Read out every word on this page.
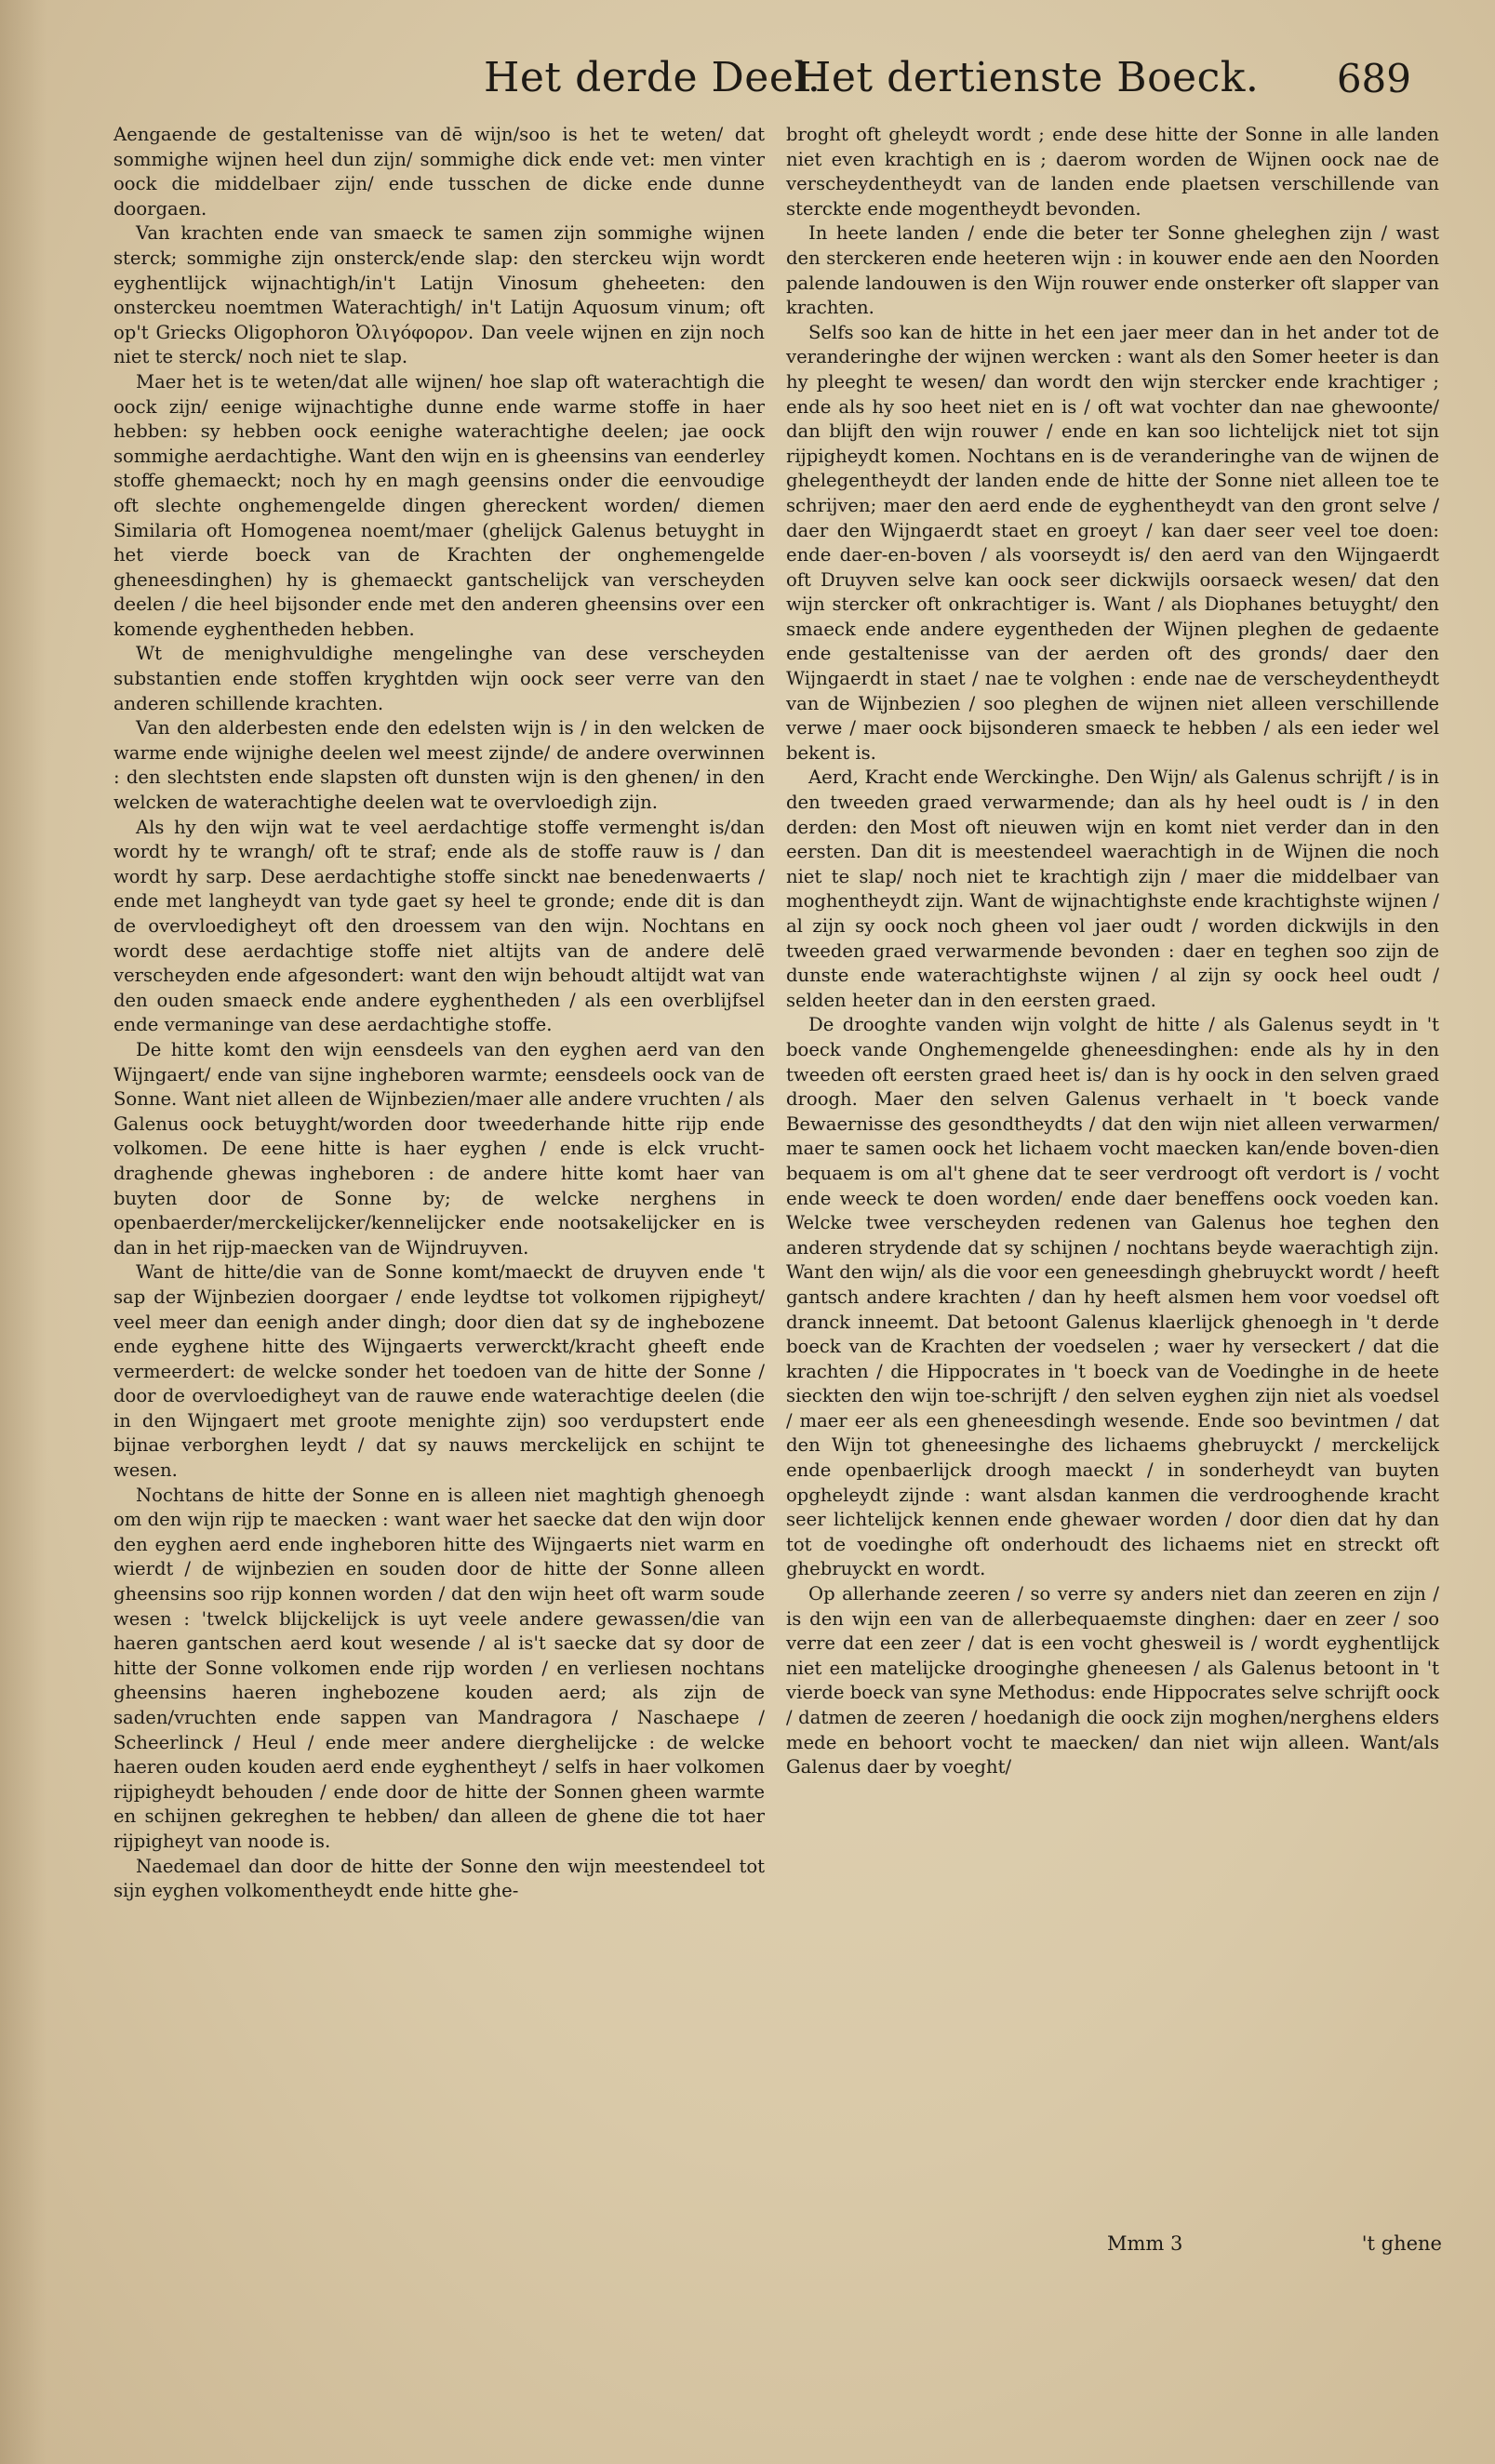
Het derde Deel.
Het dertienste Boeck. 689

Aengaende de gestaltenisse van dē wijn/soo is het te weten/ dat sommighe wijnen heel dun zijn/ sommighe dick ende vet: men vinter oock die middelbaer zijn/ ende tusschen de dicke ende dunne doorgaen.

Van krachten ende van smaeck te samen zijn sommighe wijnen sterck; sommighe zijn onsterck/ende slap: den sterckeu wijn wordt eyghentlijck wijnachtigh/in't Latijn Vinosum gheheeten: den onsterckeu noemtmen Waterachtigh/ in't Latijn Aquosum vinum; oft op't Griecks Oligophoron Ὀλιγόφορον. Dan veele wijnen en zijn noch niet te sterck/ noch niet te slap.

Maer het is te weten/dat alle wijnen/ hoe slap oft waterachtigh die oock zijn/ eenige wijnachtighe dunne ende warme stoffe in haer hebben: sy hebben oock eenighe waterachtighe deelen; jae oock sommighe aerdachtighe. Want den wijn en is gheensins van eenderley stoffe ghemaeckt; noch hy en magh geensins onder die eenvoudige oft slechte onghemengelde dingen ghereckent worden/ diemen Similaria oft Homogenea noemt/maer (ghelijck Galenus betuyght in het vierde boeck van de Krachten der onghemengelde gheneesdinghen) hy is ghemaeckt gantschelijck van verscheyden deelen / die heel bijsonder ende met den anderen gheensins over een komende eyghentheden hebben.

Wt de menighvuldighe mengelinghe van dese verscheyden substantien ende stoffen kryghtden wijn oock seer verre van den anderen schillende krachten.

Van den alderbesten ende den edelsten wijn is / in den welcken de warme ende wijnighe deelen wel meest zijnde/ de andere overwinnen : den slechtsten ende slapsten oft dunsten wijn is den ghenen/ in den welcken de waterachtighe deelen wat te overvloedigh zijn.

Als hy den wijn wat te veel aerdachtige stoffe vermenght is/dan wordt hy te wrangh/ oft te straf; ende als de stoffe rauw is / dan wordt hy sarp. Dese aerdachtighe stoffe sinckt nae benedenwaerts / ende met langheydt van tyde gaet sy heel te gronde; ende dit is dan de overvloedigheyt oft den droessem van den wijn. Nochtans en wordt dese aerdachtige stoffe niet altijts van de andere delē verscheyden ende afgesondert: want den wijn behoudt altijdt wat van den ouden smaeck ende andere eyghentheden / als een overblijfsel ende vermaninge van dese aerdachtighe stoffe.

De hitte komt den wijn eensdeels van den eyghen aerd van den Wijngaert/ ende van sijne ingheboren warmte; eensdeels oock van de Sonne. Want niet alleen de Wijnbezien/maer alle andere vruchten / als Galenus oock betuyght/worden door tweederhande hitte rijp ende volkomen. De eene hitte is haer eyghen / ende is elck vrucht-draghende ghewas ingheboren : de andere hitte komt haer van buyten door de Sonne by; de welcke nerghens in openbaerder/merckelijcker/kennelijcker ende nootsakelijcker en is dan in het rijp-maecken van de Wijndruyven.

Want de hitte/die van de Sonne komt/maeckt de druyven ende 't sap der Wijnbezien doorgaer / ende leydtse tot volkomen rijpigheyt/ veel meer dan eenigh ander dingh; door dien dat sy de inghebozene ende eyghene hitte des Wijngaerts verwerckt/kracht gheeft ende vermeerdert: de welcke sonder het toedoen van de hitte der Sonne / door de overvloedigheyt van de rauwe ende waterachtige deelen (die in den Wijngaert met groote menighte zijn) soo verdupstert ende bijnae verborghen leydt / dat sy nauws merckelijck en schijnt te wesen.

Nochtans de hitte der Sonne en is alleen niet maghtigh ghenoegh om den wijn rijp te maecken : want waer het saecke dat den wijn door den eyghen aerd ende ingheboren hitte des Wijngaerts niet warm en wierdt / de wijnbezien en souden door de hitte der Sonne alleen gheensins soo rijp konnen worden / dat den wijn heet oft warm soude wesen : 'twelck blijckelijck is uyt veele andere gewassen/die van haeren gantschen aerd kout wesende / al is't saecke dat sy door de hitte der Sonne volkomen ende rijp worden / en verliesen nochtans gheensins haeren inghebozene kouden aerd; als zijn de saden/vruchten ende sappen van Mandragora / Naschaepe / Scheerlinck / Heul / ende meer andere dierghelijcke : de welcke haeren ouden kouden aerd ende eyghentheyt / selfs in haer volkomen rijpigheydt behouden / ende door de hitte der Sonnen gheen warmte en schijnen gekreghen te hebben/ dan alleen de ghene die tot haer rijpigheyt van noode is.

Naedemael dan door de hitte der Sonne den wijn meestendeel tot sijn eyghen volkomentheydt ende hitte ghe-

broght oft gheleydt wordt ; ende dese hitte der Sonne in alle landen niet even krachtigh en is ; daerom worden de Wijnen oock nae de verscheydentheydt van de landen ende plaetsen verschillende van sterckte ende mogentheydt bevonden.

In heete landen / ende die beter ter Sonne gheleghen zijn / wast den sterckeren ende heeteren wijn : in kouwer ende aen den Noorden palende landouwen is den Wijn rouwer ende onsterker oft slapper van krachten.

Selfs soo kan de hitte in het een jaer meer dan in het ander tot de veranderinghe der wijnen wercken : want als den Somer heeter is dan hy pleeght te wesen/ dan wordt den wijn stercker ende krachtiger ; ende als hy soo heet niet en is / oft wat vochter dan nae ghewoonte/ dan blijft den wijn rouwer / ende en kan soo lichtelijck niet tot sijn rijpigheydt komen. Nochtans en is de veranderinghe van de wijnen de ghelegentheydt der landen ende de hitte der Sonne niet alleen toe te schrijven; maer den aerd ende de eyghentheydt van den gront selve / daer den Wijngaerdt staet en groeyt / kan daer seer veel toe doen: ende daer-en-boven / als voorseydt is/ den aerd van den Wijngaerdt oft Druyven selve kan oock seer dickwijls oorsaeck wesen/ dat den wijn stercker oft onkrachtiger is. Want / als Diophanes betuyght/ den smaeck ende andere eygentheden der Wijnen pleghen de gedaente ende gestaltenisse van der aerden oft des gronds/ daer den Wijngaerdt in staet / nae te volghen : ende nae de verscheydentheydt van de Wijnbezien / soo pleghen de wijnen niet alleen verschillende verwe / maer oock bijsonderen smaeck te hebben / als een ieder wel bekent is.

Aerd, Kracht ende Werckinghe. Den Wijn/ als Galenus schrijft / is in den tweeden graed verwarmende; dan als hy heel oudt is / in den derden: den Most oft nieuwen wijn en komt niet verder dan in den eersten. Dan dit is meestendeel waerachtigh in de Wijnen die noch niet te slap/ noch niet te krachtigh zijn / maer die middelbaer van moghentheydt zijn. Want de wijnachtighste ende krachtighste wijnen / al zijn sy oock noch gheen vol jaer oudt / worden dickwijls in den tweeden graed verwarmende bevonden : daer en teghen soo zijn de dunste ende waterachtighste wijnen / al zijn sy oock heel oudt / selden heeter dan in den eersten graed.

De drooghte vanden wijn volght de hitte / als Galenus seydt in 't boeck vande Onghemengelde gheneesdinghen: ende als hy in den tweeden oft eersten graed heet is/ dan is hy oock in den selven graed droogh. Maer den selven Galenus verhaelt in 't boeck vande Bewaernisse des gesondtheydts / dat den wijn niet alleen verwarmen/ maer te samen oock het lichaem vocht maecken kan/ende boven-dien bequaem is om al't ghene dat te seer verdroogt oft verdort is / vocht ende weeck te doen worden/ ende daer beneffens oock voeden kan. Welcke twee verscheyden redenen van Galenus hoe teghen den anderen strydende dat sy schijnen / nochtans beyde waerachtigh zijn. Want den wijn/ als die voor een geneesdingh ghebruyckt wordt / heeft gantsch andere krachten / dan hy heeft alsmen hem voor voedsel oft dranck inneemt. Dat betoont Galenus klaerlijck ghenoegh in 't derde boeck van de Krachten der voedselen ; waer hy verseckert / dat die krachten / die Hippocrates in 't boeck van de Voedinghe in de heete sieckten den wijn toe-schrijft / den selven eyghen zijn niet als voedsel / maer eer als een gheneesdingh wesende. Ende soo bevintmen / dat den Wijn tot gheneesinghe des lichaems ghebruyckt / merckelijck ende openbaerlijck droogh maeckt / in sonderheydt van buyten opgheleydt zijnde : want alsdan kanmen die verdrooghende kracht seer lichtelijck kennen ende ghewaer worden / door dien dat hy dan tot de voedinghe oft onderhoudt des lichaems niet en streckt oft ghebruyckt en wordt.

Op allerhande zeeren / so verre sy anders niet dan zeeren en zijn / is den wijn een van de allerbequaemste dinghen: daer en zeer / soo verre dat een zeer / dat is een vocht ghesweil is / wordt eyghentlijck niet een matelijcke drooginghe gheneesen / als Galenus betoont in 't vierde boeck van syne Methodus: ende Hippocrates selve schrijft oock / datmen de zeeren / hoedanigh die oock zijn moghen/nerghens elders mede en behoort vocht te maecken/ dan niet wijn alleen. Want/als Galenus daer by voeght/

Mmm 3	't ghene
